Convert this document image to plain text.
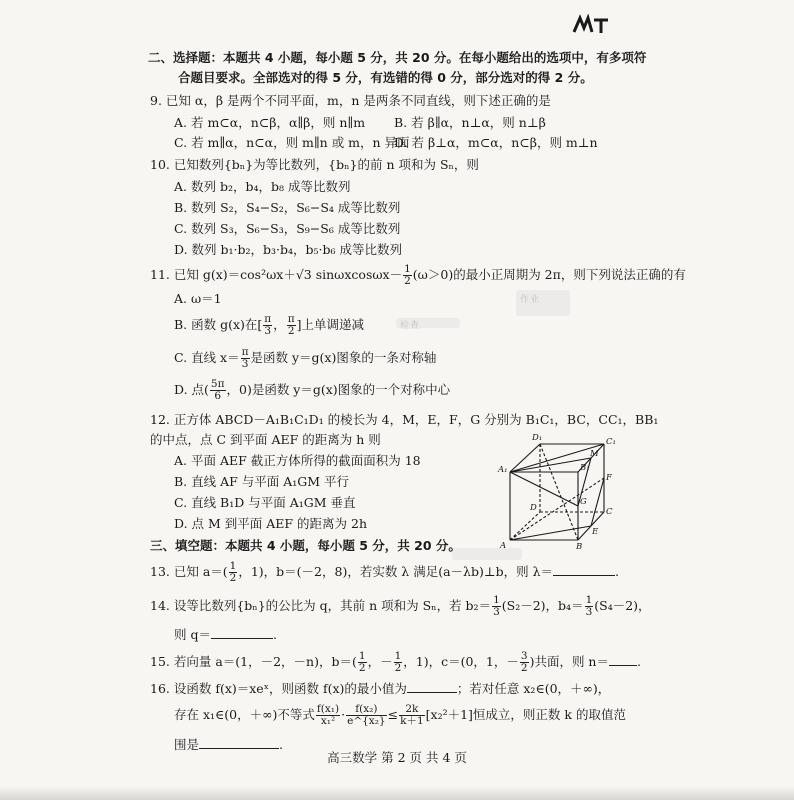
二、选择题：本题共 4 小题，每小题 5 分，共 20 分。在每小题给出的选项中，有多项符
合题目要求。全部选对的得 5 分，有选错的得 0 分，部分选对的得 2 分。
9. 已知 α，β 是两个不同平面，m，n 是两条不同直线，则下述正确的是
A. 若 m⊂α，n⊂β，α∥β，则 n∥m B. 若 β∥α，n⊥α，则 n⊥β
C. 若 m∥α，n⊂α，则 m∥n 或 m，n 异面
D. 若 β⊥α，m⊂α，n⊂β，则 m⊥n
10. 已知数列{bₙ}为等比数列，{bₙ}的前 n 项和为 Sₙ，则
A. 数列 b₂，b₄，b₈ 成等比数列
B. 数列 S₂，S₄−S₂，S₆−S₄ 成等比数列
C. 数列 S₃，S₆−S₃，S₉−S₆ 成等比数列
D. 数列 b₁·b₂，b₃·b₄，b₅·b₆ 成等比数列
11. 已知 g(x)＝cos²ωx＋√3 $\sin\omega xcos\omega x- \frac{1}{2} (\omega>0)$的最小正周期为 2π，则下列说法正确的有
A. ω＝1
B. 函数 g(x)在[ $\frac{\pi}{3}$ ， $\frac{\pi}{2}$ ]上单调递减
C. 直线 $x= \frac{\pi}{3}$ 是函数 y＝g(x)图象的一条对称轴
D. 点( $\frac{5\pi}{6}$ ，0)是函数 y＝g(x)图象的一个对称中心
作业
检查
12. 正方体 ABCD－A₁B₁C₁D₁ 的棱长为 4，M，E，F，G 分别为 B₁C₁，BC，CC₁，BB₁
的中点，点 C 到平面 AEF 的距离为 h 则
A. 平面 AEF 截正方体所得的截面面积为 18
B. 直线 AF 与平面 A₁GM 平行
C. 直线 B₁D 与平面 A₁GM 垂直
D. 点 M 到平面 AEF 的距离为 2h
D₁	C₁
A₁	B₁
M
F
G
D	C
A	B
E
三、填空题：本题共 4 小题，每小题 5 分，共 20 分。
13. 已知 $a=( \frac{1}{2}$ ，1)，b＝(－2，8)，若实数 λ 满足(a－λb)⊥b，则 λ＝	.
14. 设等比数列{bₙ}的公比为 q，其前 n 项和为 Sₙ，若 $b_2= \frac{1}{3} (S_2-2)$，$b_4= \frac{1}{3} (S_4-2)$，
则 q＝	.
15. 若向量 a＝(1，－2，－n)，$b=( \frac{1}{2}$ ，－ $\frac{1}{2}$ ，1)，c＝(0，1，－ $\frac{3}{2}$ )共面，则 n＝ .
16. 设函数 f(x)＝xeˣ，则函数 f(x)的最小值为	；若对任意 x₂∈(0，＋∞)，
存在 x₁∈(0，＋∞)不等式 $\frac{\text{f(x₁)}}{\text{x₁²}} \cdot \frac{\text{f(x₂)}}{\text{e\textasciicircum{}\{x₂\}}} \le \frac{2k}{k+1} [x_2^2+1]$恒成立，则正数 k 的取值范
围是	.
高三数学 第 2 页 共 4 页
